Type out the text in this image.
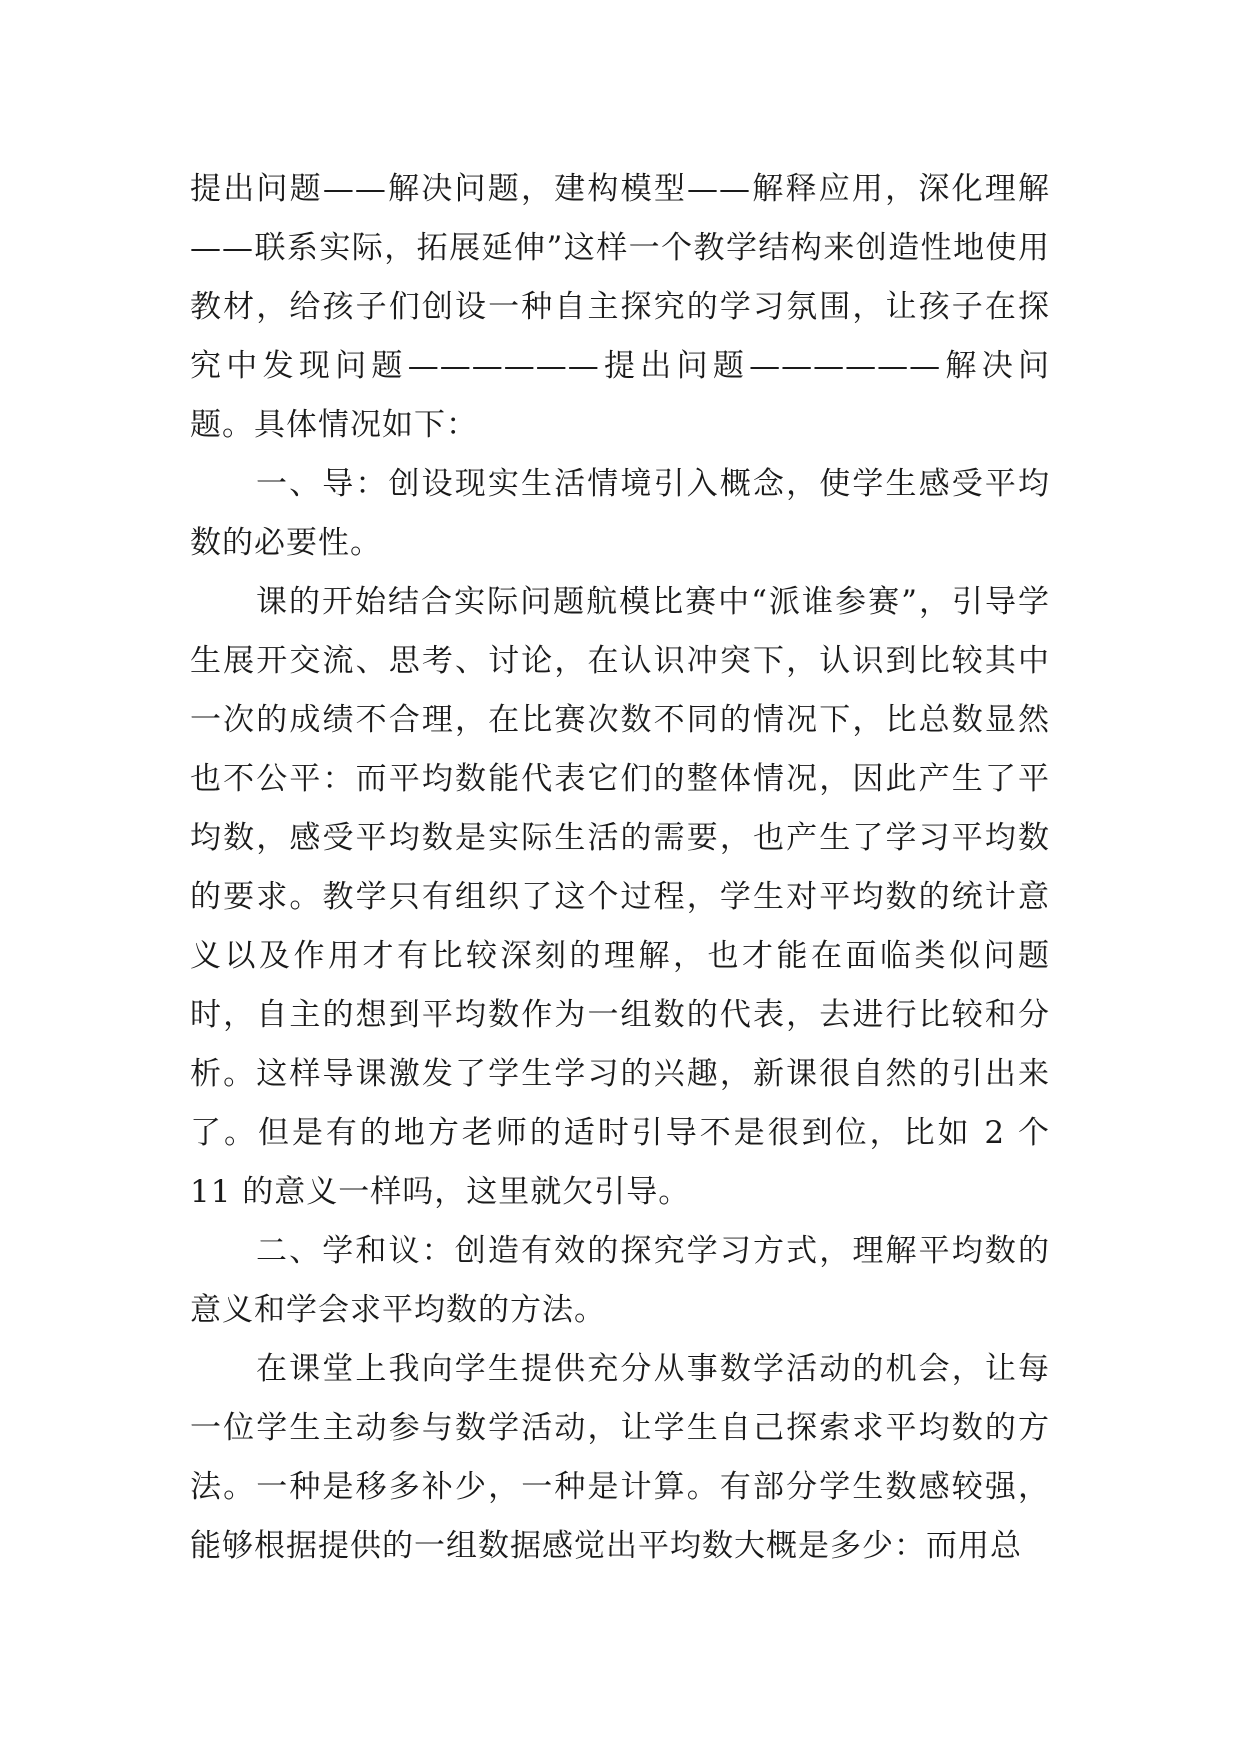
提出问题——解决问题，建构模型——解释应用，深化理解——联系实际，拓展延伸”这样一个教学结构来创造性地使用教材，给孩子们创设一种自主探究的学习氛围，让孩子在探究中发现问题——————提出问题——————解决问题。具体情况如下：

一、导：创设现实生活情境引入概念，使学生感受平均数的必要性。

课的开始结合实际问题航模比赛中“派谁参赛”，引导学生展开交流、思考、讨论，在认识冲突下，认识到比较其中一次的成绩不合理，在比赛次数不同的情况下，比总数显然也不公平：而平均数能代表它们的整体情况，因此产生了平均数，感受平均数是实际生活的需要，也产生了学习平均数的要求。教学只有组织了这个过程，学生对平均数的统计意义以及作用才有比较深刻的理解，也才能在面临类似问题时，自主的想到平均数作为一组数的代表，去进行比较和分析。这样导课激发了学生学习的兴趣，新课很自然的引出来了。但是有的地方老师的适时引导不是很到位，比如 2 个 11 的意义一样吗，这里就欠引导。

二、学和议：创造有效的探究学习方式，理解平均数的意义和学会求平均数的方法。

在课堂上我向学生提供充分从事数学活动的机会，让每一位学生主动参与数学活动，让学生自己探索求平均数的方法。一种是移多补少，一种是计算。有部分学生数感较强，能够根据提供的一组数据感觉出平均数大概是多少：而用总
